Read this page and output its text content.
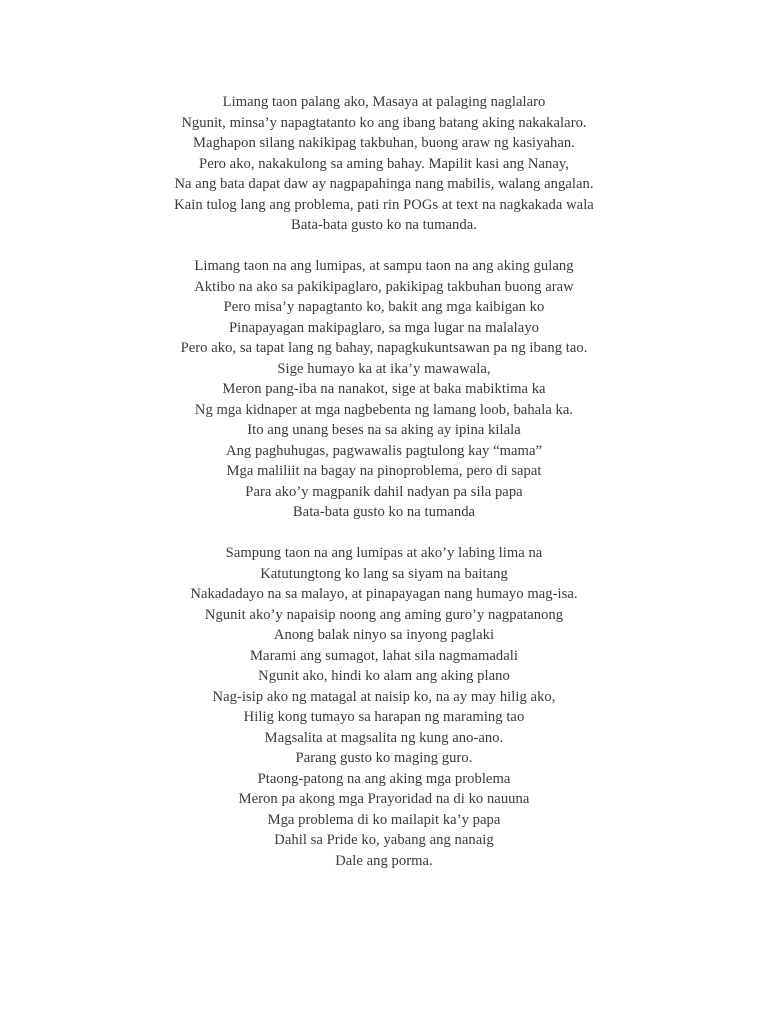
Limang taon palang ako, Masaya at palaging naglalaro
Ngunit, minsa’y napagtatanto ko ang ibang batang aking nakakalaro.
Maghapon silang nakikipag takbuhan, buong araw ng kasiyahan.
Pero ako, nakakulong sa aming bahay. Mapilit kasi ang Nanay,
Na ang bata dapat daw ay nagpapahinga nang mabilis, walang angalan.
Kain tulog lang ang problema, pati rin POGs at text na nagkakada wala
Bata-bata gusto ko na tumanda.
Limang taon na ang lumipas, at sampu taon na ang aking gulang
Aktibo na ako sa pakikipaglaro, pakikipag takbuhan buong araw
Pero misa’y napagtanto ko, bakit ang mga kaibigan ko
Pinapayagan makipaglaro, sa mga lugar na malalayo
Pero ako, sa tapat lang ng bahay, napagkukuntsawan pa ng ibang tao.
Sige humayo ka at ika’y mawawala,
Meron pang-iba na nanakot, sige at baka mabiktima ka
Ng mga kidnaper at mga nagbebenta ng lamang loob, bahala ka.
Ito ang unang beses na sa aking ay ipina kilala
Ang paghuhugas, pagwawalis pagtulong kay “mama”
Mga maliliit na bagay na pinoproblema, pero di sapat
Para ako’y magpanik dahil nadyan pa sila papa
Bata-bata gusto ko na tumanda
Sampung taon na ang lumipas at ako’y labing lima na
Katutungtong ko lang sa siyam na baitang
Nakadadayo na sa malayo, at pinapayagan nang humayo mag-isa.
Ngunit ako’y napaisip noong ang aming guro’y nagpatanong
Anong balak ninyo sa inyong paglaki
Marami ang sumagot, lahat sila nagmamadali
Ngunit ako, hindi ko alam ang aking plano
Nag-isip ako ng matagal at naisip ko, na ay may hilig ako,
Hilig kong tumayo sa harapan ng maraming tao
Magsalita at magsalita ng kung ano-ano.
Parang gusto ko maging guro.
Ptaong-patong na ang aking mga problema
Meron pa akong mga Prayoridad na di ko nauuna
Mga problema di ko mailapit ka’y papa
Dahil sa Pride ko, yabang ang nanaig
Dale ang porma.
